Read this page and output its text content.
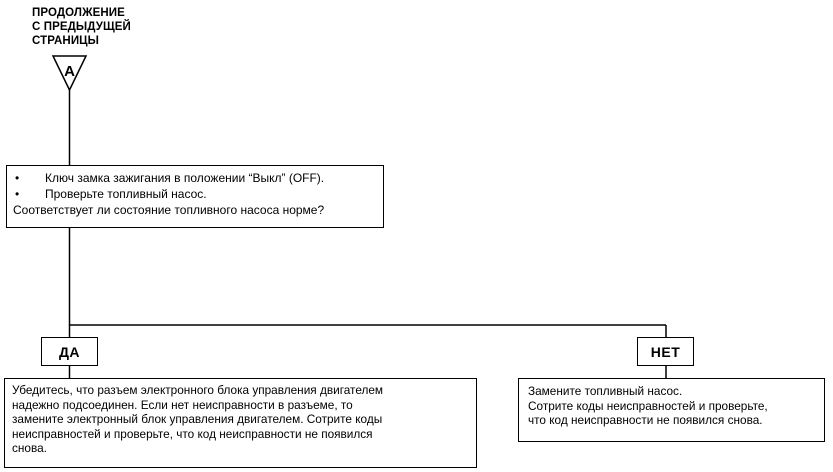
A
ПРОДОЛЖЕНИЕ
С ПРЕДЫДУЩЕЙ
СТРАНИЦЫ
•	Ключ замка зажигания в положении “Выкл” (OFF).
•	Проверьте топливный насос.
Соответствует ли состояние топливного насоса норме?
ДА	НЕТ
Убедитесь, что разъем электронного блока управления двигателем
надежно подсоединен. Если нет неисправности в разъеме, то
замените электронный блок управления двигателем. Сотрите коды
неисправностей и проверьте, что код неисправности не появился
снова.
Замените топливный насос.
Сотрите коды неисправностей и проверьте,
что код неисправности не появился снова.
